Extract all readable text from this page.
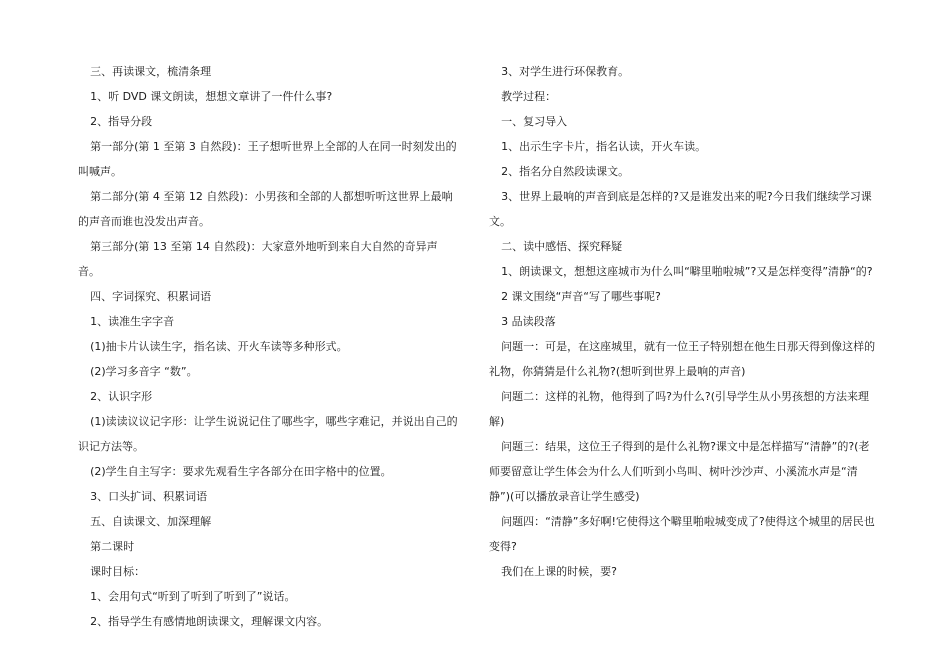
三、再读课文，梳清条理

1、听 DVD 课文朗读，想想文章讲了一件什么事?

2、指导分段

第一部分(第 1 至第 3 自然段)：王子想听世界上全部的人在同一时刻发出的叫喊声。

第二部分(第 4 至第 12 自然段)：小男孩和全部的人都想听听这世界上最响的声音而谁也没发出声音。

第三部分(第 13 至第 14 自然段)：大家意外地听到来自大自然的奇异声音。

四、字词探究、积累词语

1、读准生字字音

(1)抽卡片认读生字，指名读、开火车读等多种形式。

(2)学习多音字 “数”。

2、认识字形

(1)读读议议记字形：让学生说说记住了哪些字，哪些字难记，并说出自己的识记方法等。

(2)学生自主写字：要求先观看生字各部分在田字格中的位置。

3、口头扩词、积累词语

五、自读课文、加深理解

第二课时

课时目标：

1、会用句式“听到了听到了听到了”说话。

2、指导学生有感情地朗读课文，理解课文内容。

3、对学生进行环保教育。

教学过程：

一、复习导入

1、出示生字卡片，指名认读，开火车读。

2、指名分自然段读课文。

3、世界上最响的声音到底是怎样的?又是谁发出来的呢?今日我们继续学习课文。

二、读中感悟、探究释疑

1、朗读课文，想想这座城市为什么叫“噼里啪啦城”?又是怎样变得”清静“的?

2 课文围绕“声音“写了哪些事呢?

3 品读段落

问题一：可是，在这座城里，就有一位王子特别想在他生日那天得到像这样的礼物，你猜猜是什么礼物?(想听到世界上最响的声音)

问题二：这样的礼物，他得到了吗?为什么?(引导学生从小男孩想的方法来理解)

问题三：结果，这位王子得到的是什么礼物?课文中是怎样描写“清静”的?(老师要留意让学生体会为什么人们听到小鸟叫、树叶沙沙声、小溪流水声是“清静”)(可以播放录音让学生感受)

问题四：“清静”多好啊!它使得这个噼里啪啦城变成了?使得这个城里的居民也变得?

我们在上课的时候，要?
